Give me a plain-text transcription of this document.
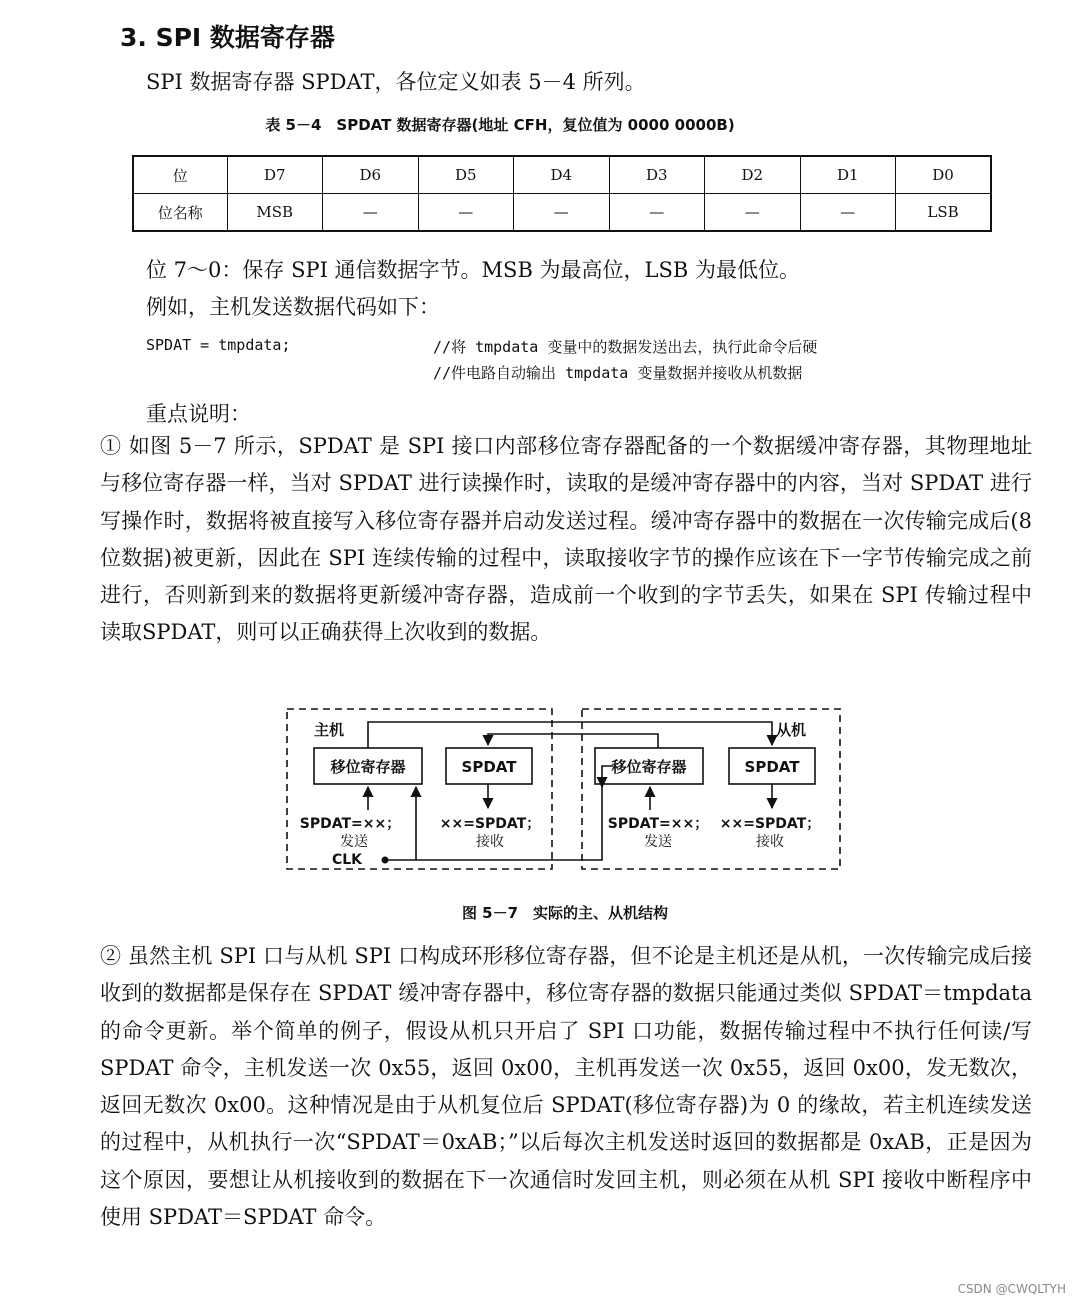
3. SPI 数据寄存器
SPI 数据寄存器 SPDAT，各位定义如表 5－4 所列。
表 5－4　SPDAT 数据寄存器(地址 CFH，复位值为 0000 0000B)
位	D7	D6	D5	D4	D3	D2	D1	D0
位名称	MSB	—	—	—	—	—	—	LSB
位 7～0：保存 SPI 通信数据字节。MSB 为最高位，LSB 为最低位。
例如，主机发送数据代码如下：
SPDAT = tmpdata;	//将 tmpdata 变量中的数据发送出去，执行此命令后硬
//件电路自动输出 tmpdata 变量数据并接收从机数据
重点说明：

① 如图 5－7 所示，SPDAT 是 SPI 接口内部移位寄存器配备的一个数据缓冲寄存器，其物理地址与移位寄存器一样，当对 SPDAT 进行读操作时，读取的是缓冲寄存器中的内容，当对 SPDAT 进行写操作时，数据将被直接写入移位寄存器并启动发送过程。缓冲寄存器中的数据在一次传输完成后(8 位数据)被更新，因此在 SPI 连续传输的过程中，读取接收字节的操作应该在下一字节传输完成之前进行，否则新到来的数据将更新缓冲寄存器，造成前一个收到的字节丢失，如果在 SPI 传输过程中读取SPDAT，则可以正确获得上次收到的数据。

主机	从机
移位寄存器	SPDAT	移位寄存器	SPDAT
SPDAT=××；
发送
CLK
××=SPDAT；
接收
SPDAT=××；
发送
××=SPDAT；
接收
图 5－7　实际的主、从机结构

② 虽然主机 SPI 口与从机 SPI 口构成环形移位寄存器，但不论是主机还是从机，一次传输完成后接收到的数据都是保存在 SPDAT 缓冲寄存器中，移位寄存器的数据只能通过类似 SPDAT＝tmpdata 的命令更新。举个简单的例子，假设从机只开启了 SPI 口功能，数据传输过程中不执行任何读/写 SPDAT 命令，主机发送一次 0x55，返回 0x00，主机再发送一次 0x55，返回 0x00，发无数次，返回无数次 0x00。这种情况是由于从机复位后 SPDAT(移位寄存器)为 0 的缘故，若主机连续发送的过程中，从机执行一次“SPDAT＝0xAB；”以后每次主机发送时返回的数据都是 0xAB，正是因为这个原因，要想让从机接收到的数据在下一次通信时发回主机，则必须在从机 SPI 接收中断程序中使用 SPDAT＝SPDAT 命令。

CSDN @CWQLTYH
